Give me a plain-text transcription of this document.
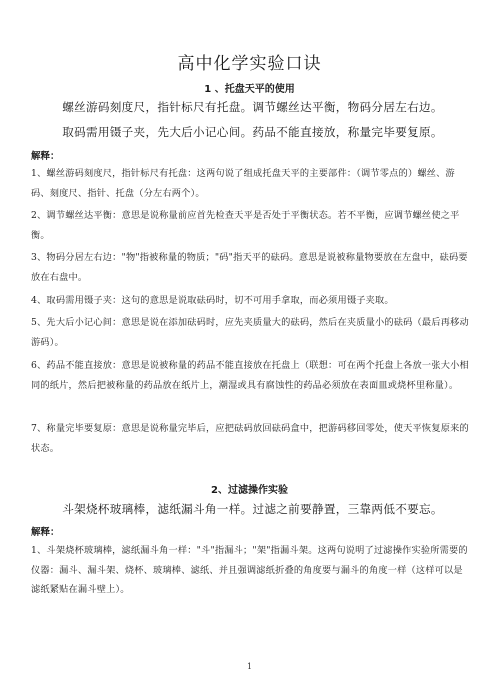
高中化学实验口诀
1 、托盘天平的使用
螺丝游码刻度尺，指针标尺有托盘。调节螺丝达平衡，物码分居左右边。
取码需用镊子夹，先大后小记心间。药品不能直接放，称量完毕要复原。
解释：
1、螺丝游码刻度尺，指针标尺有托盘：这两句说了组成托盘天平的主要部件：（调节零点的）螺丝、游码、刻度尺、指针、托盘（分左右两个）。
2、调节螺丝达平衡：意思是说称量前应首先检查天平是否处于平衡状态。若不平衡，应调节螺丝使之平衡。
3、物码分居左右边："物"指被称量的物质；"码"指天平的砝码。意思是说被称量物要放在左盘中，砝码要放在右盘中。
4、取码需用镊子夹：这句的意思是说取砝码时，切不可用手拿取，而必须用镊子夹取。
5、先大后小记心间：意思是说在添加砝码时，应先夹质量大的砝码，然后在夹质量小的砝码（最后再移动游码）。
6、药品不能直接放：意思是说被称量的药品不能直接放在托盘上（联想：可在两个托盘上各放一张大小相同的纸片，然后把被称量的药品放在纸片上，潮湿或具有腐蚀性的药品必须放在表面皿或烧杯里称量）。
7、称量完毕要复原：意思是说称量完毕后，应把砝码放回砝码盒中，把游码移回零处，使天平恢复原来的状态。
2、过滤操作实验
斗架烧杯玻璃棒，滤纸漏斗角一样。过滤之前要静置，三靠两低不要忘。
解释：
1、斗架烧杯玻璃棒，滤纸漏斗角一样："斗"指漏斗；"架"指漏斗架。这两句说明了过滤操作实验所需要的仪器：漏斗、漏斗架、烧杯、玻璃棒、滤纸、并且强调滤纸折叠的角度要与漏斗的角度一样（这样可以是滤纸紧贴在漏斗壁上）。
1
